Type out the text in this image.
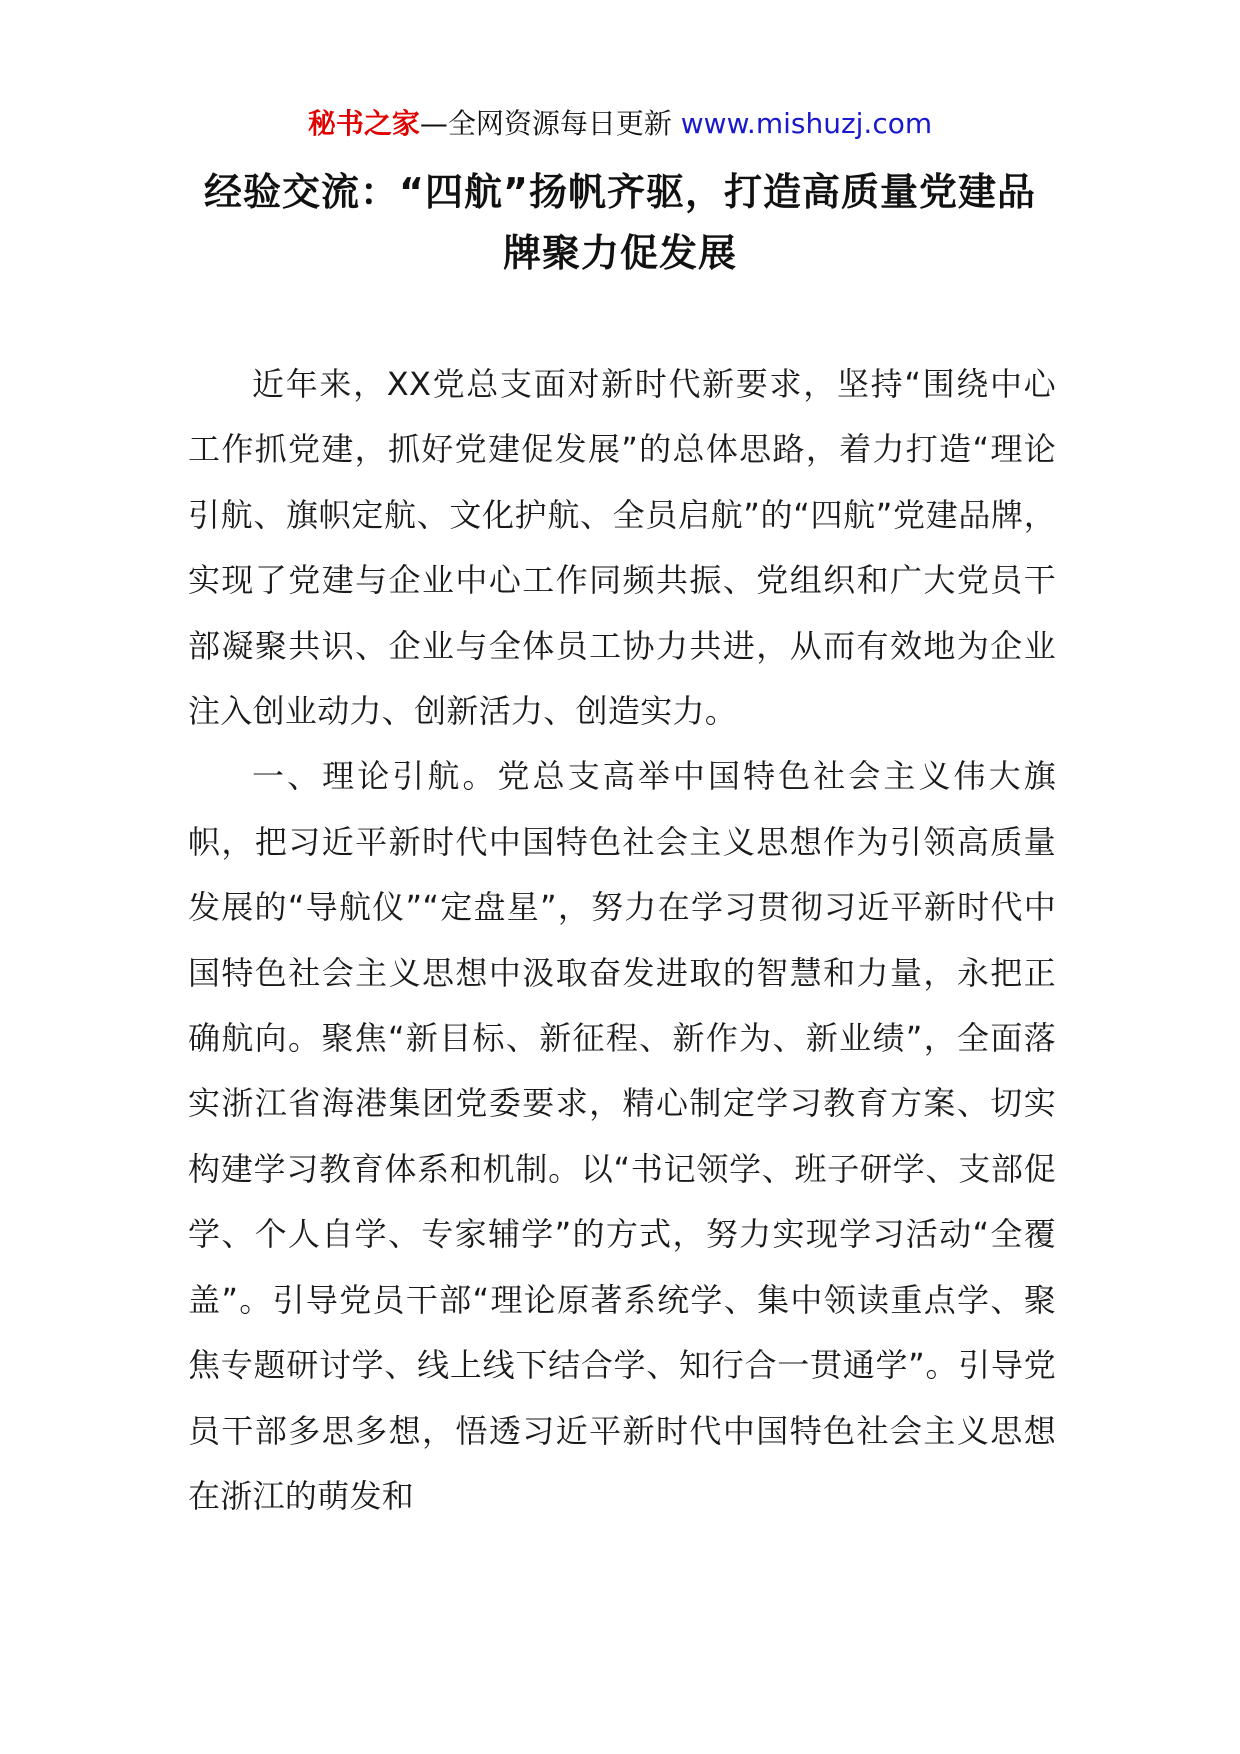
秘书之家—全网资源每日更新 www.mishuzj.com
经验交流：“四航”扬帆齐驱，打造高质量党建品牌聚力促发展

近年来，XX党总支面对新时代新要求，坚持“围绕中心工作抓党建，抓好党建促发展”的总体思路，着力打造“理论引航、旗帜定航、文化护航、全员启航”的“四航”党建品牌，实现了党建与企业中心工作同频共振、党组织和广大党员干部凝聚共识、企业与全体员工协力共进，从而有效地为企业注入创业动力、创新活力、创造实力。

一、理论引航。党总支高举中国特色社会主义伟大旗帜，把习近平新时代中国特色社会主义思想作为引领高质量发展的“导航仪”“定盘星”，努力在学习贯彻习近平新时代中国特色社会主义思想中汲取奋发进取的智慧和力量，永把正确航向。聚焦“新目标、新征程、新作为、新业绩”，全面落实浙江省海港集团党委要求，精心制定学习教育方案、切实构建学习教育体系和机制。以“书记领学、班子研学、支部促学、个人自学、专家辅学”的方式，努力实现学习活动“全覆盖”。引导党员干部“理论原著系统学、集中领读重点学、聚焦专题研讨学、线上线下结合学、知行合一贯通学”。引导党员干部多思多想，悟透习近平新时代中国特色社会主义思想在浙江的萌发和
